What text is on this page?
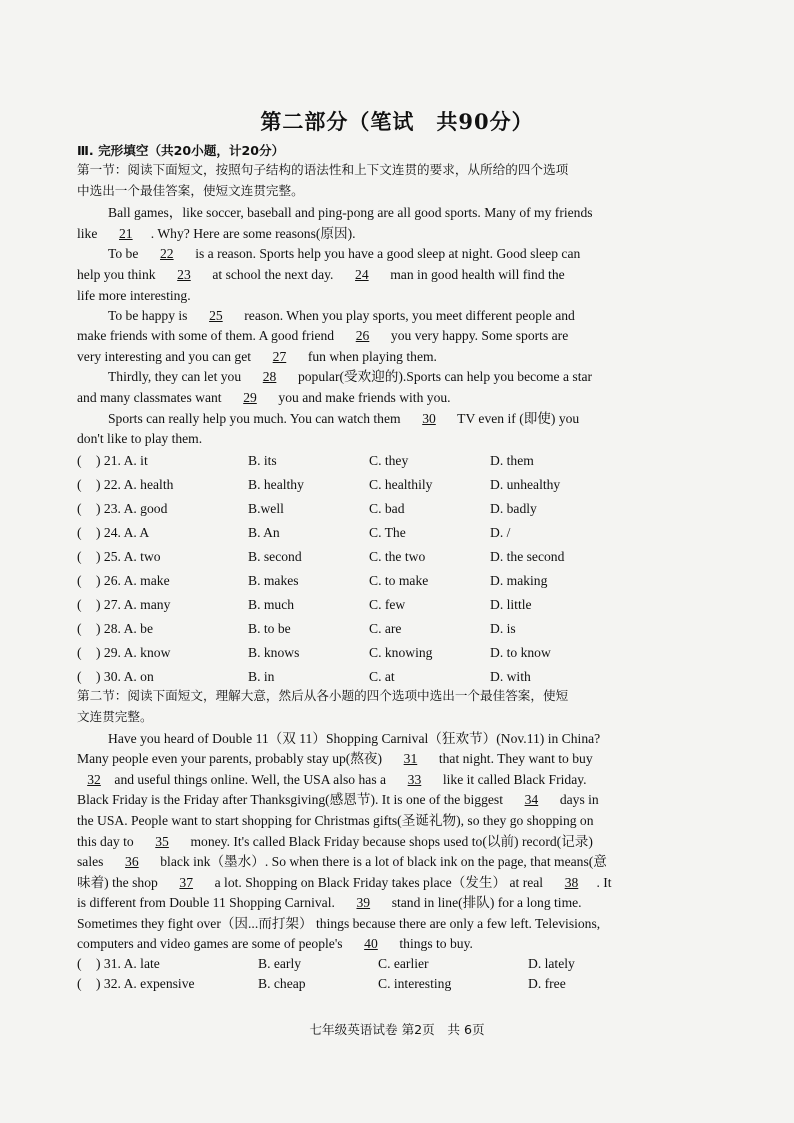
第二部分（笔试　共90分）
Ⅲ. 完形填空（共20小题，计20分）
第一节：阅读下面短文，按照句子结构的语法性和上下文连贯的要求，从所给的四个选项
中选出一个最佳答案，使短文连贯完整。
Ball games，like soccer, baseball and ping-pong are all good sports. Many of my friends
like 21 . Why? Here are some reasons(原因).
To be 22 is a reason. Sports help you have a good sleep at night. Good sleep can
help you think 23 at school the next day. 24 man in good health will find the
life more interesting.
To be happy is 25 reason. When you play sports, you meet different people and
make friends with some of them. A good friend 26 you very happy. Some sports are
very interesting and you can get 27 fun when playing them.
Thirdly, they can let you 28 popular(受欢迎的).Sports can help you become a star
and many classmates want 29 you and make friends with you.
Sports can really help you much. You can watch them 30 TV even if (即使) you
don't like to play them.
( ) 21. A. it	B. its	C. they	D. them
( ) 22. A. health	B. healthy	C. healthily	D. unhealthy
( ) 23. A. good	B.well	C. bad	D. badly
( ) 24. A. A	B. An	C. The	D. /
( ) 25. A. two	B. second	C. the two	D. the second
( ) 26. A. make	B. makes	C. to make	D. making
( ) 27. A. many	B. much	C. few	D. little
( ) 28. A. be	B. to be	C. are	D. is
( ) 29. A. know	B. knows	C. knowing	D. to know
( ) 30. A. on	B. in	C. at	D. with
第二节：阅读下面短文，理解大意，然后从各小题的四个选项中选出一个最佳答案，使短
文连贯完整。
Have you heard of Double 11（双 11）Shopping Carnival（狂欢节）(Nov.11) in China?
Many people even your parents, probably stay up(熬夜) 31 that night. They want to buy
32 and useful things online. Well, the USA also has a 33 like it called Black Friday.
Black Friday is the Friday after Thanksgiving(感恩节). It is one of the biggest 34 days in
the USA. People want to start shopping for Christmas gifts(圣诞礼物), so they go shopping on
this day to 35 money. It's called Black Friday because shops used to(以前) record(记录)
sales 36 black ink（墨水）. So when there is a lot of black ink on the page, that means(意
味着) the shop 37 a lot. Shopping on Black Friday takes place（发生） at real 38 . It
is different from Double 11 Shopping Carnival. 39 stand in line(排队) for a long time.
Sometimes they fight over（因...而打架） things because there are only a few left. Televisions,
computers and video games are some of people's 40 things to buy.
( ) 31. A. late	B. early	C. earlier	D. lately
( ) 32. A. expensive	B. cheap	C. interesting	D. free
七年级英语试卷 第2页　共 6页
